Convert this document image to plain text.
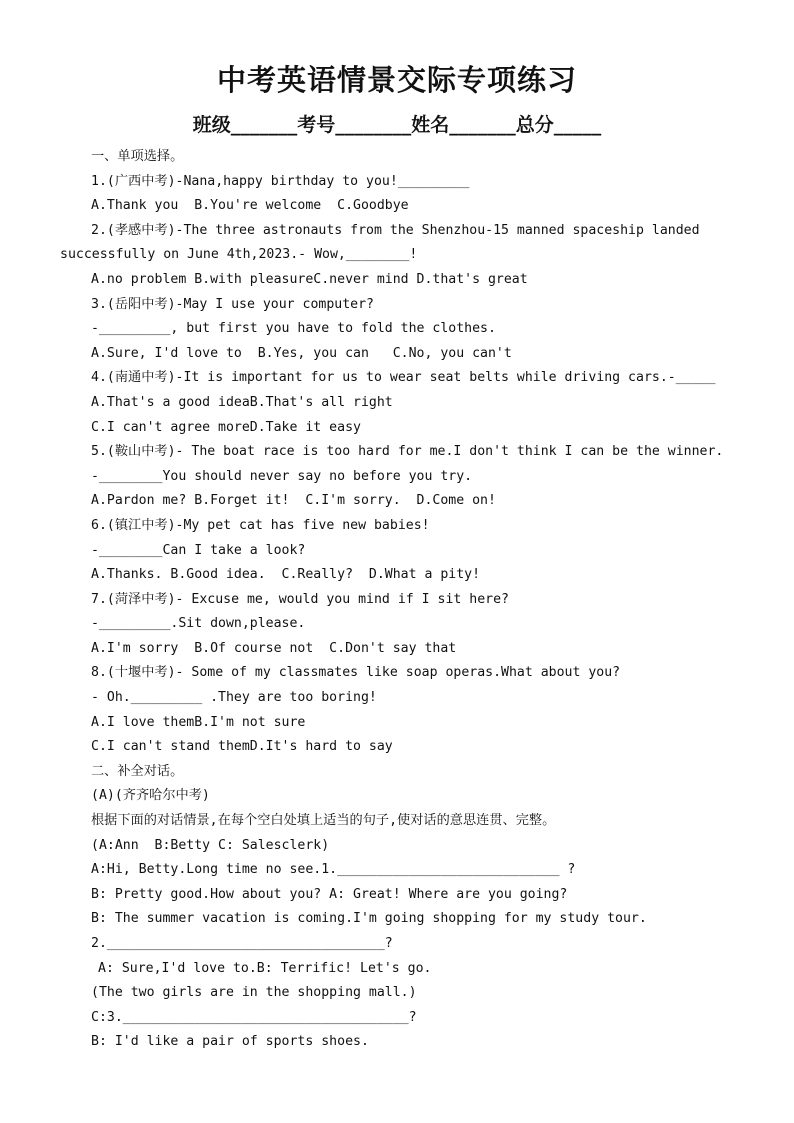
中考英语情景交际专项练习
班级_______考号________姓名_______总分_____
一、单项选择。
1.(广西中考)-Nana,happy birthday to you!_________
A.Thank you  B.You're welcome  C.Goodbye
2.(孝感中考)-The three astronauts from the Shenzhou-15 manned spaceship landed
successfully on June 4th,2023.- Wow,________!
A.no problem B.with pleasureC.never mind D.that's great
3.(岳阳中考)-May I use your computer?
-_________, but first you have to fold the clothes.
A.Sure, I'd love to  B.Yes, you can   C.No, you can't
4.(南通中考)-It is important for us to wear seat belts while driving cars.-_____
A.That's a good ideaB.That's all right
C.I can't agree moreD.Take it easy
5.(鞍山中考)- The boat race is too hard for me.I don't think I can be the winner.
-________You should never say no before you try.
A.Pardon me? B.Forget it!  C.I'm sorry.  D.Come on!
6.(镇江中考)-My pet cat has five new babies!
-________Can I take a look?
A.Thanks. B.Good idea.  C.Really?  D.What a pity!
7.(菏泽中考)- Excuse me, would you mind if I sit here?
-_________.Sit down,please.
A.I'm sorry  B.Of course not  C.Don't say that
8.(十堰中考)- Some of my classmates like soap operas.What about you?
- Oh._________ .They are too boring!
A.I love themB.I'm not sure
C.I can't stand themD.It's hard to say
二、补全对话。
(A)(齐齐哈尔中考)
根据下面的对话情景,在每个空白处填上适当的句子,使对话的意思连贯、完整。
(A:Ann  B:Betty C: Salesclerk)
A:Hi, Betty.Long time no see.1.____________________________ ?
B: Pretty good.How about you? A: Great! Where are you going?
B: The summer vacation is coming.I'm going shopping for my study tour.
2.___________________________________?
A: Sure,I'd love to.B: Terrific! Let's go.
(The two girls are in the shopping mall.)
C:3.____________________________________?
B: I'd like a pair of sports shoes.
